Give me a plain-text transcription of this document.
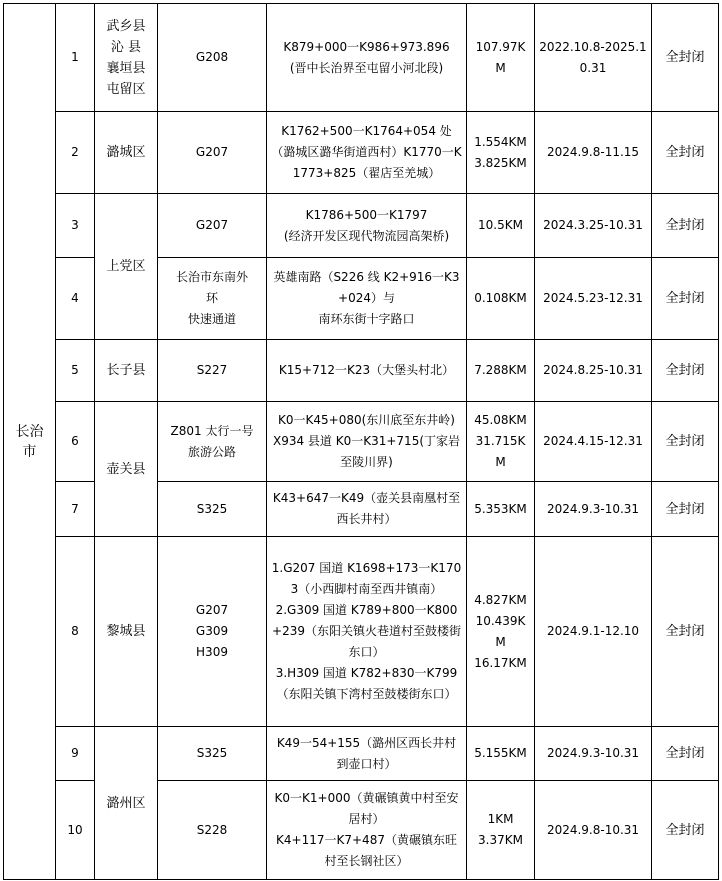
长治
市	1	武乡县
沁 县
襄垣县
屯留区	G208	K879+000一K986+973.896
(晋中长治界至屯留小河北段)	107.97K
M	2022.10.8-2025.1
0.31	全封闭
	2	潞城区	G207	K1762+500一K1764+054 处（潞城区潞华街道西村）K1770一K1773+825（翟店至羌城）	1.554KM
3.825KM	2024.9.8-11.15	全封闭
	3	上党区	G207	K1786+500一K1797
(经济开发区现代物流园高架桥)	10.5KM	2024.3.25-10.31	全封闭
	4		长治市东南外
环
快速通道	英雄南路（S226 线 K2+916一K3+024）与
南环东街十字路口	0.108KM	2024.5.23-12.31	全封闭
	5	长子县	S227	K15+712一K23（大堡头村北）	7.288KM	2024.8.25-10.31	全封闭
	6	壶关县	Z801 太行一号
旅游公路	K0一K45+080(东川底至东井岭)
X934 县道 K0一K31+715(丁家岩至陵川界)	45.08KM
31.715K
M	2024.4.15-12.31	全封闭
	7		S325	K43+647一K49（壶关县南凰村至西长井村）	5.353KM	2024.9.3-10.31	全封闭
	8	黎城县	G207
G309
H309	1.G207 国道 K1698+173一K1703（小西脚村南至西井镇南）
2.G309 国道 K789+800一K800+239（东阳关镇火巷道村至鼓楼街东口）
3.H309 国道 K782+830一K799（东阳关镇下湾村至鼓楼街东口）	4.827KM
10.439K
M
16.17KM	2024.9.1-12.10	全封闭
	9	潞州区	S325	K49一54+155（潞州区西长井村到壶口村）	5.155KM	2024.9.3-10.31	全封闭
	10		S228	K0一K1+000（黄碾镇黄中村至安居村）
K4+117一K7+487（黄碾镇东旺村至长钢社区）	1KM
3.37KM	2024.9.8-10.31	全封闭
